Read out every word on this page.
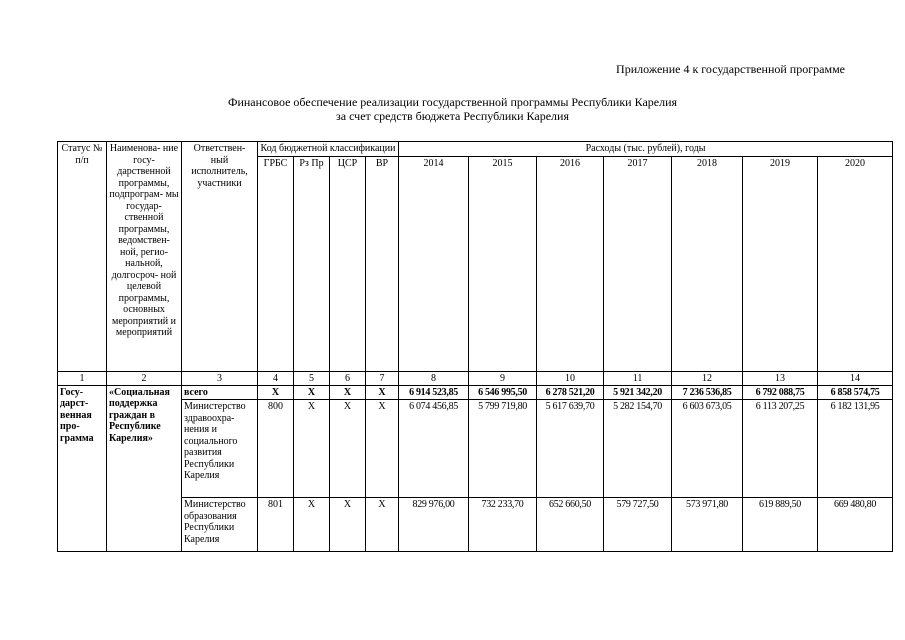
Приложение 4 к государственной программе
Финансовое обеспечение реализации государственной программы Республики Карелия
за счет средств бюджета Республики Карелия
Статус № п/п	Наименова- ние госу- дарственной программы, подпрограм- мы государ- ственной программы, ведомствен- ной, регио- нальной, долгосроч- ной целевой программы, основных мероприятий и мероприятий	Ответствен- ный исполнитель, участники	Код бюджетной классификации				Расходы (тыс. рублей), годы						
			ГРБС	Рз Пр	ЦСР	ВР	2014	2015	2016	2017	2018	2019	2020
1	2	3	4	5	6	7	8	9	10	11	12	13	14
Госу- дарст- венная про- грамма	«Социальная поддержка граждан в Республике Карелия»	всего	X	X	X	X	6 914 523,85	6 546 995,50	6 278 521,20	5 921 342,20	7 236 536,85	6 792 088,75	6 858 574,75
		Министерство здравоохра- нения и социального развития Республики Карелия	800	X	X	X	6 074 456,85	5 799 719,80	5 617 639,70	5 282 154,70	6 603 673,05	6 113 207,25	6 182 131,95
		Министерство образования Республики Карелия	801	X	X	X	829 976,00	732 233,70	652 660,50	579 727,50	573 971,80	619 889,50	669 480,80
